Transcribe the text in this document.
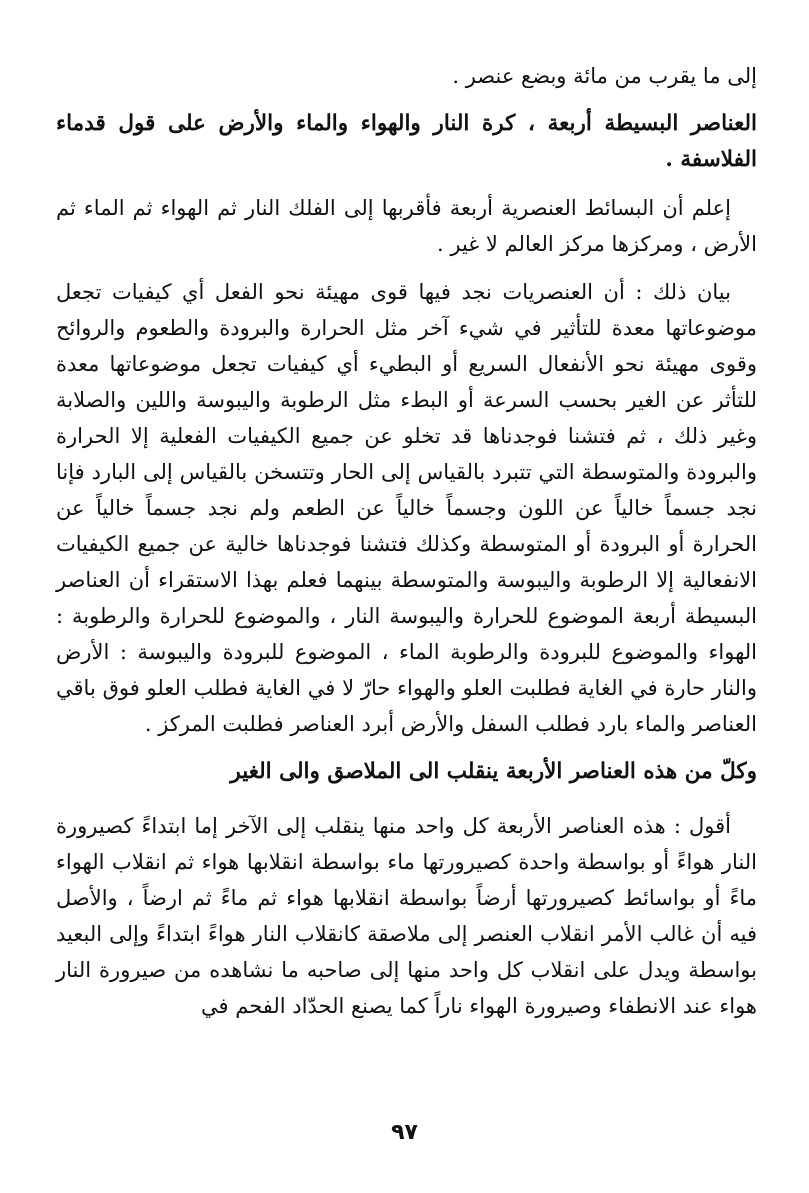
إلى ما يقرب من مائة وبضع عنصر .

العناصر البسيطة أربعة ، كرة النار والهواء والماء والأرض على قول قدماء الفلاسفة .

إعلم أن البسائط العنصرية أربعة فأقربها إلى الفلك النار ثم الهواء ثم الماء ثم الأرض ، ومركزها مركز العالم لا غير .

بيان ذلك : أن العنصريات نجد فيها قوى مهيئة نحو الفعل أي كيفيات تجعل موضوعاتها معدة للتأثير في شيء آخر مثل الحرارة والبرودة والطعوم والروائح وقوى مهيئة نحو الأنفعال السريع أو البطيء أي كيفيات تجعل موضوعاتها معدة للتأثر عن الغير بحسب السرعة أو البطء مثل الرطوبة واليبوسة واللين والصلابة وغير ذلك ، ثم فتشنا فوجدناها قد تخلو عن جميع الكيفيات الفعلية إلا الحرارة والبرودة والمتوسطة التي تتبرد بالقياس إلى الحار وتتسخن بالقياس إلى البارد فإنا نجد جسماً خالياً عن اللون وجسماً خالياً عن الطعم ولم نجد جسماً خالياً عن الحرارة أو البرودة أو المتوسطة وكذلك فتشنا فوجدناها خالية عن جميع الكيفيات الانفعالية إلا الرطوبة واليبوسة والمتوسطة بينهما فعلم بهذا الاستقراء أن العناصر البسيطة أربعة الموضوع للحرارة واليبوسة النار ، والموضوع للحرارة والرطوبة : الهواء والموضوع للبرودة والرطوبة الماء ، الموضوع للبرودة واليبوسة : الأرض والنار حارة في الغاية فطلبت العلو والهواء حارّ لا في الغاية فطلب العلو فوق باقي العناصر والماء بارد فطلب السفل والأرض أبرد العناصر فطلبت المركز .

وكلّ من هذه العناصر الأربعة ينقلب الى الملاصق والى الغير

أقول : هذه العناصر الأربعة كل واحد منها ينقلب إلى الآخر إما ابتداءً كصيرورة النار هواءً أو بواسطة واحدة كصيرورتها ماء بواسطة انقلابها هواء ثم انقلاب الهواء ماءً أو بواسائط كصيرورتها أرضاً بواسطة انقلابها هواء ثم ماءً ثم ارضاً ، والأصل فيه أن غالب الأمر انقلاب العنصر إلى ملاصقة كانقلاب النار هواءً ابتداءً وإلى البعيد بواسطة ويدل على انقلاب كل واحد منها إلى صاحبه ما نشاهده من صيرورة النار هواء عند الانطفاء وصيرورة الهواء ناراً كما يصنع الحدّاد الفحم في

٩٧
